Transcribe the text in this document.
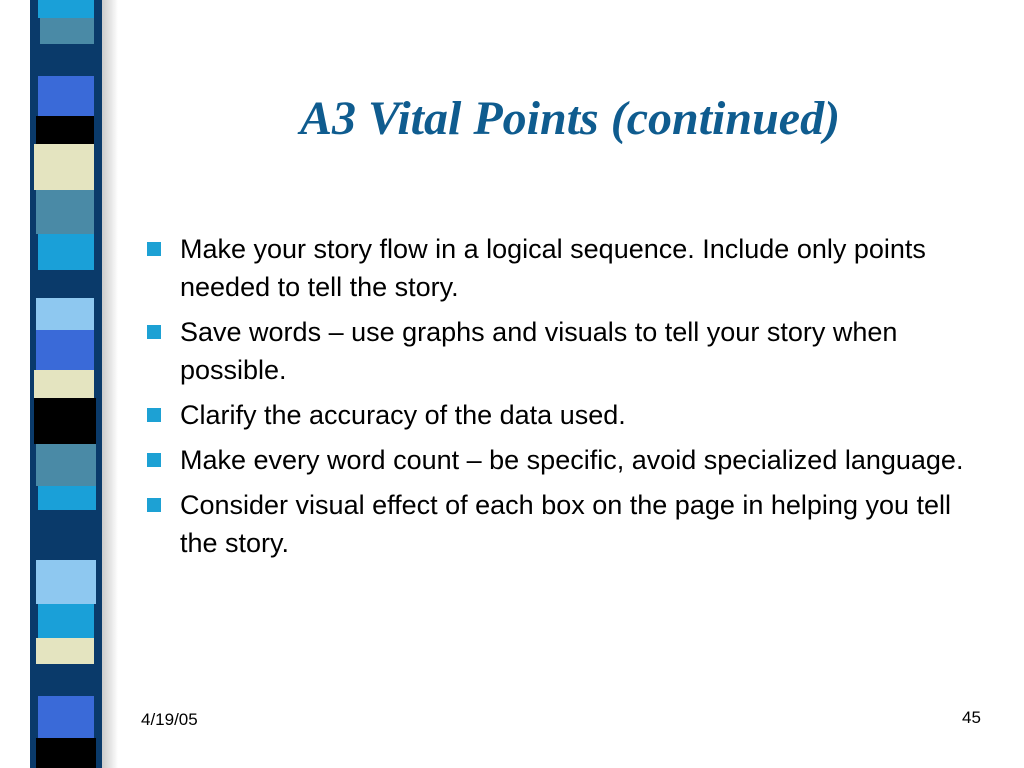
A3 Vital Points (continued)
Make your story flow in a logical sequence. Include only points needed to tell the story.
Save words – use graphs and visuals to tell your story when possible.
Clarify the accuracy of the data used.
Make every word count – be specific, avoid specialized language.
Consider visual effect of each box on the page in helping you tell the story.
4/19/05	45
